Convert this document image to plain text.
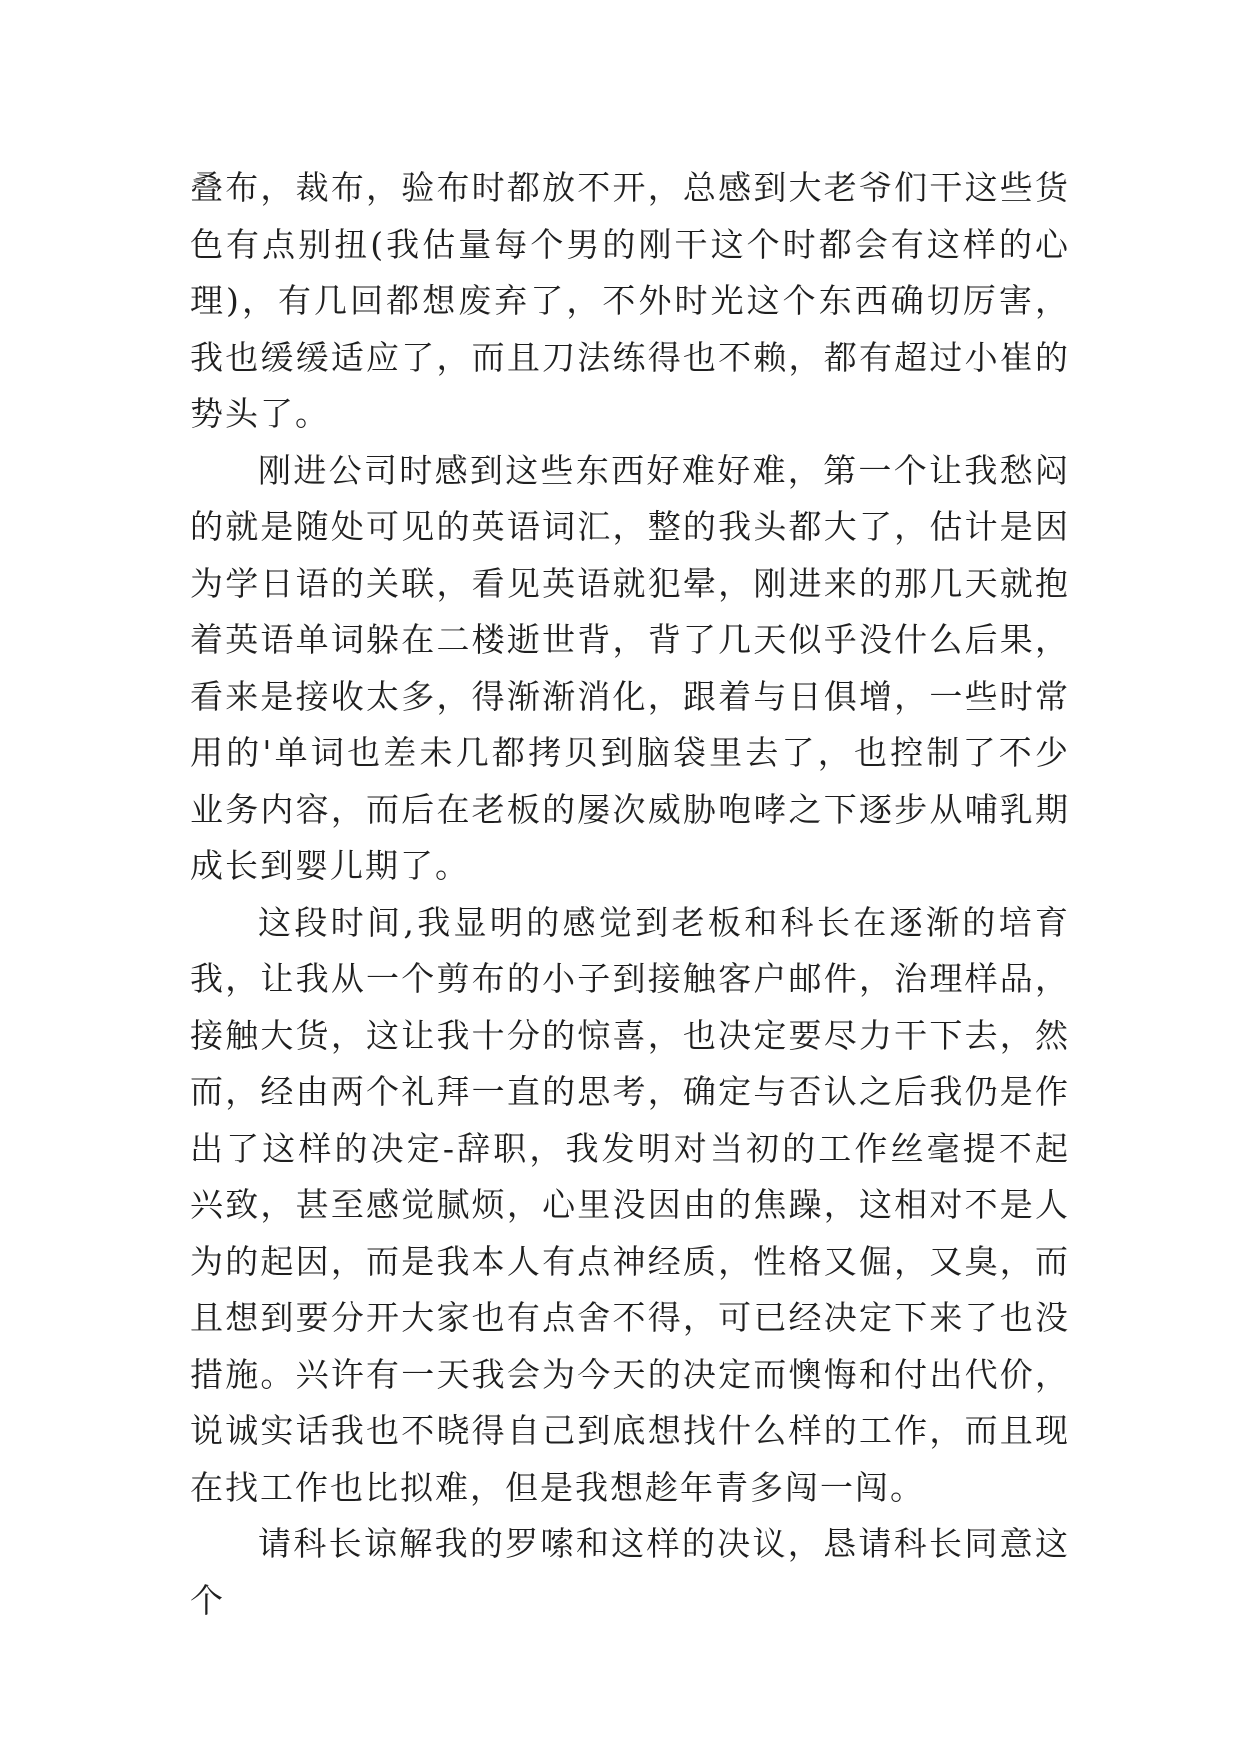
叠布，裁布，验布时都放不开，总感到大老爷们干这些货色有点别扭(我估量每个男的刚干这个时都会有这样的心理)，有几回都想废弃了，不外时光这个东西确切厉害，我也缓缓适应了，而且刀法练得也不赖，都有超过小崔的势头了。

刚进公司时感到这些东西好难好难，第一个让我愁闷的就是随处可见的英语词汇，整的我头都大了，估计是因为学日语的关联，看见英语就犯晕，刚进来的那几天就抱着英语单词躲在二楼逝世背，背了几天似乎没什么后果，看来是接收太多，得渐渐消化，跟着与日俱增，一些时常用的'单词也差未几都拷贝到脑袋里去了，也控制了不少业务内容，而后在老板的屡次威胁咆哮之下逐步从哺乳期成长到婴儿期了。

这段时间,我显明的感觉到老板和科长在逐渐的培育我，让我从一个剪布的小子到接触客户邮件，治理样品，接触大货，这让我十分的惊喜，也决定要尽力干下去，然而，经由两个礼拜一直的思考，确定与否认之后我仍是作出了这样的决定-辞职，我发明对当初的工作丝毫提不起兴致，甚至感觉腻烦，心里没因由的焦躁，这相对不是人为的起因，而是我本人有点神经质，性格又倔，又臭，而且想到要分开大家也有点舍不得，可已经决定下来了也没措施。兴许有一天我会为今天的决定而懊悔和付出代价，说诚实话我也不晓得自己到底想找什么样的工作，而且现在找工作也比拟难，但是我想趁年青多闯一闯。

请科长谅解我的罗嗦和这样的决议，恳请科长同意这个
